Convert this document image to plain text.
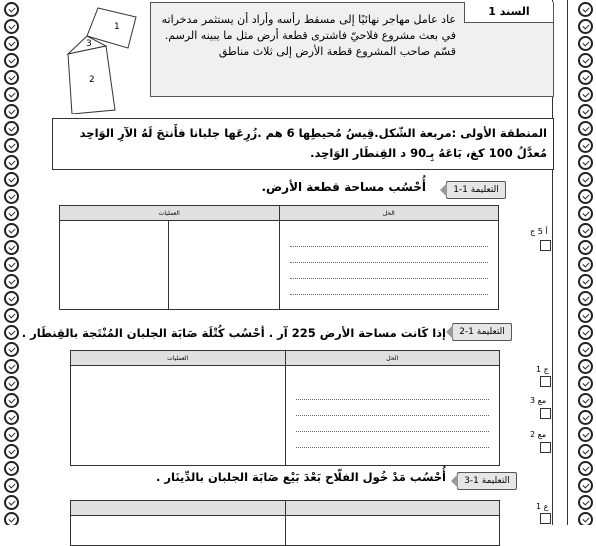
السند 1
عاد عامل مهاجر نهائيًا إلى مسقط رأسه وأراد أن يستثمر مدخراته في بعث مشروع فلاحيّ فاشترى قطعة أرض مثل ما يبينه الرسم.
قسّم صاحب المشروع قطعة الأرض إلى ثلاث مناطق
1
2
3
المنطقة الأولى :مربعة الشّكل.قِيسُ مُحيطِها 6 هم .زُرِعَها جلبانا فأَنتجَ لَهُ الآرِ الوَاحِد مُعدَّلُ 100 كغ، بَاعَهُ بِـ90 د القِنطَار الوَاحِد.
التعليمة 1-1
أُحْسُب مساحة قطعة الأرض.
العمليات	الحل

التعليمة 1-2
إذا كَانت مساحة الأرض 225 آر . أحْسُب كُتْلَة صَابَة الجلبان المُنْتَجة بالقِنطَار .
العمليات	الحل

التعليمة 1-3
أُحْسُب مَدْ خُول الفلّاح بَعْدَ بَيْع صَابَة الجلبان بالدِّينَار .

أ 5 ج
ج 1
مع 3
مع 2
ع 1
